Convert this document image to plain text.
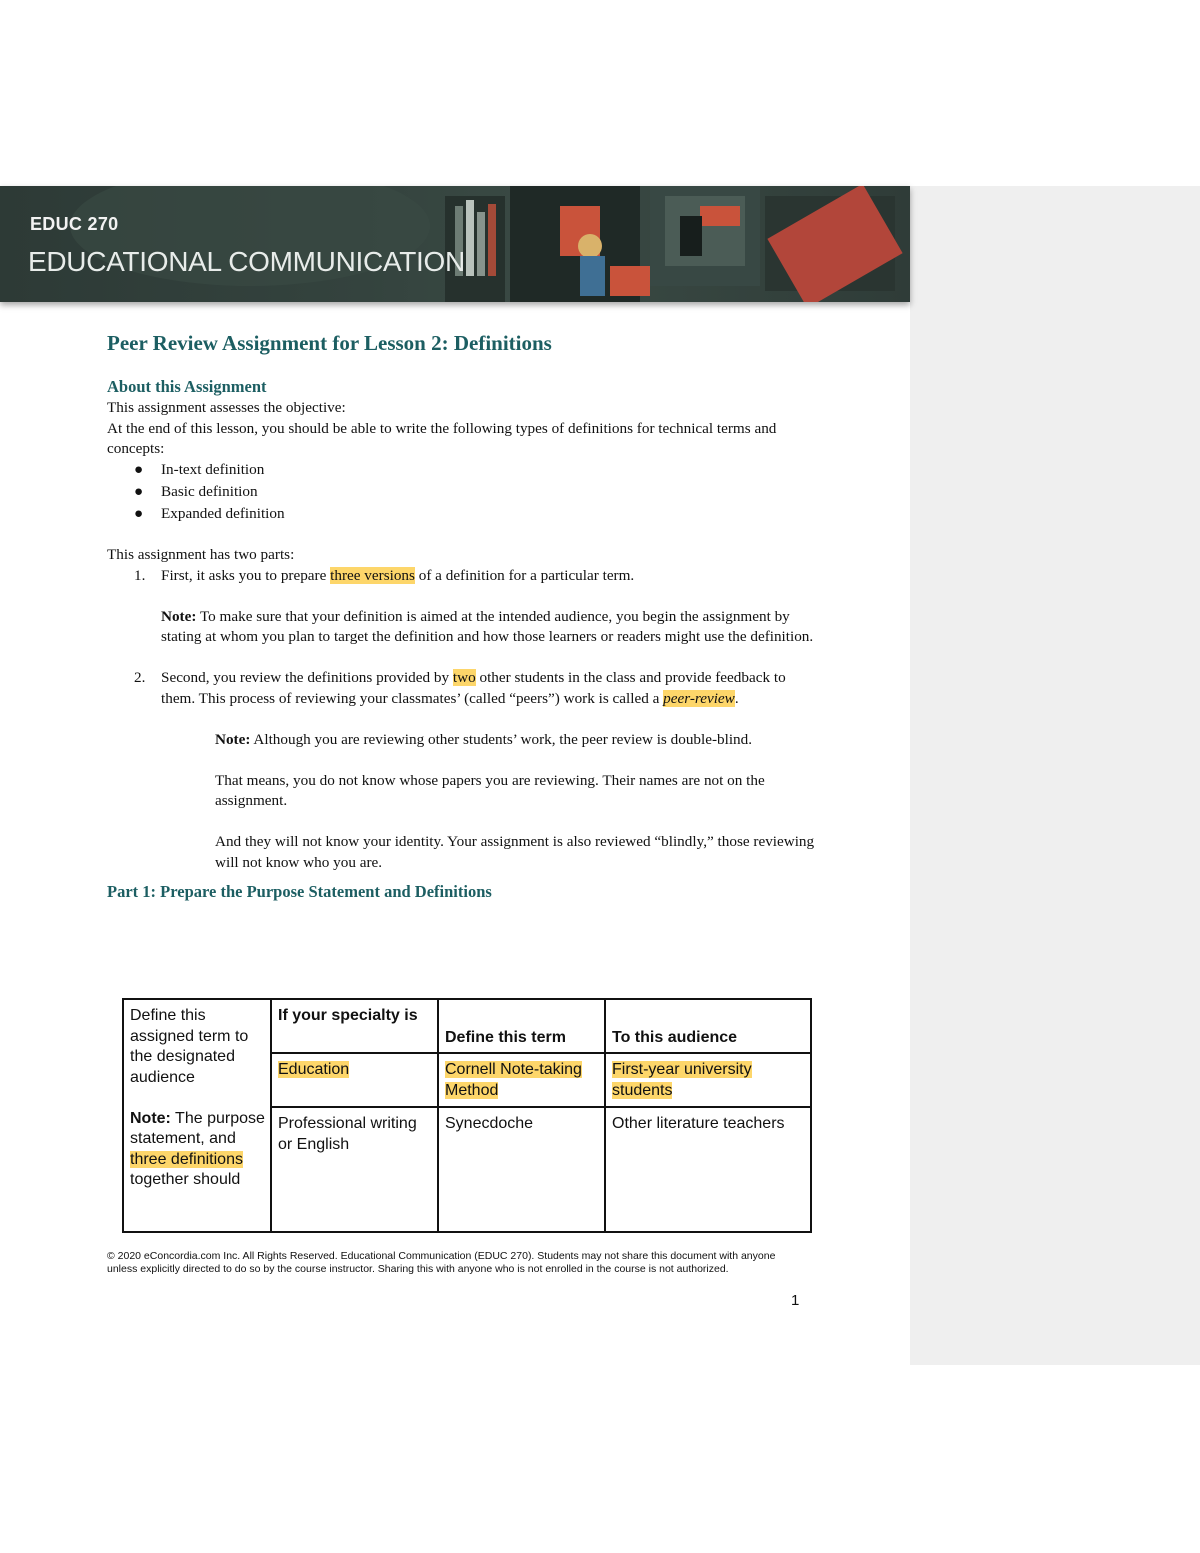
EDUC 270
EDUCATIONAL COMMUNICATION
Peer Review Assignment for Lesson 2: Definitions
About this Assignment

This assignment assesses the objective:

At the end of this lesson, you should be able to write the following types of definitions for technical terms and concepts:

● In-text definition
● Basic definition
● Expanded definition

This assignment has two parts:

1. First, it asks you to prepare three versions of a definition for a particular term.

Note: To make sure that your definition is aimed at the intended audience, you begin the assignment by stating at whom you plan to target the definition and how those learners or readers might use the definition.

2. Second, you review the definitions provided by two other students in the class and provide feedback to them. This process of reviewing your classmates’ (called “peers”) work is called a peer-review.

Note: Although you are reviewing other students’ work, the peer review is double-blind.

That means, you do not know whose papers you are reviewing. Their names are not on the assignment.

And they will not know your identity. Your assignment is also reviewed “blindly,” those reviewing will not know who you are.

Part 1: Prepare the Purpose Statement and Definitions
Define this assigned term to the designated audience
Note: The purpose statement, and three definitions together should	If your specialty is	Define this term	To this audience
	Education	Cornell Note-taking Method	First-year university students
	Professional writing or English	Synecdoche	Other literature teachers
© 2020 eConcordia.com Inc. All Rights Reserved. Educational Communication (EDUC 270). Students may not share this document with anyone unless explicitly directed to do so by the course instructor. Sharing this with anyone who is not enrolled in the course is not authorized.
1
